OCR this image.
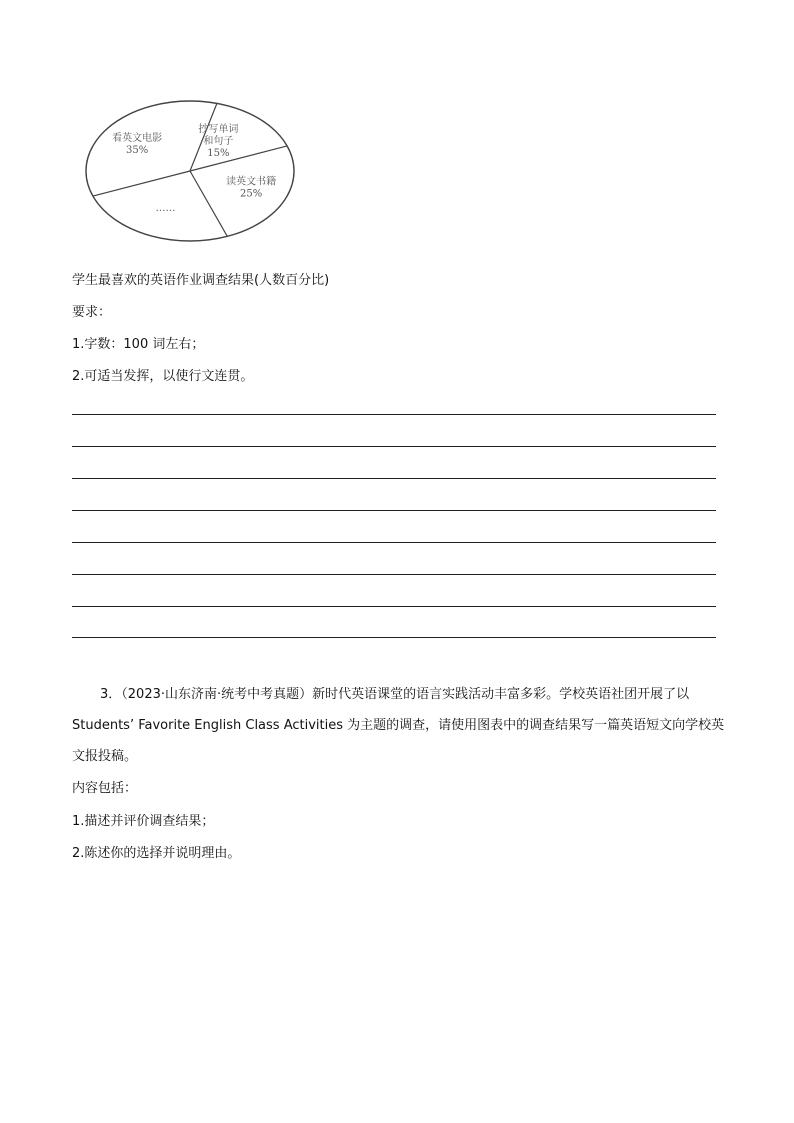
抄写单词
和句子
15%
读英文书籍
25%
……
看英文电影
35%
学生最喜欢的英语作业调查结果(人数百分比)
要求：
1.字数：100 词左右；
2.可适当发挥，以使行文连贯。
3．（2023·山东济南·统考中考真题）新时代英语课堂的语言实践活动丰富多彩。学校英语社团开展了以
Students’ Favorite English Class Activities 为主题的调查，请使用图表中的调查结果写一篇英语短文向学校英
文报投稿。
内容包括：
1.描述并评价调查结果；
2.陈述你的选择并说明理由。
